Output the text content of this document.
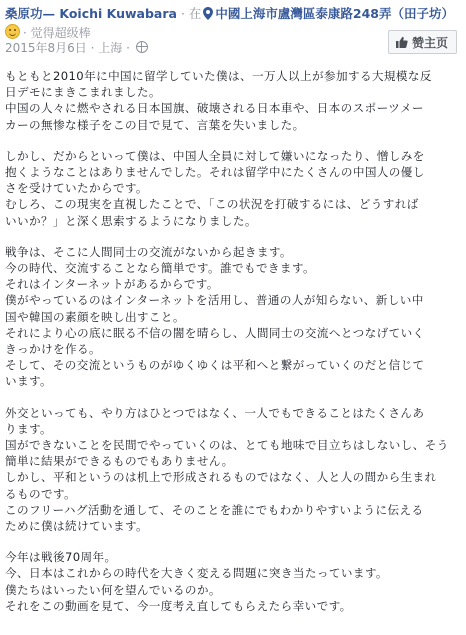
桑原功— Koichi Kuwabara · 在 中國上海市盧灣區泰康路248弄（田子坊）
· 觉得超级棒
2015年8月6日 · 上海 ·	赞主页

もともと2010年に中国に留学していた僕は、一万人以上が参加する大規模な反

日デモにまきこまれました。

中国の人々に燃やされる日本国旗、破壊される日本車や、日本のスポーツメー

カーの無惨な様子をこの目で見て、言葉を失いました。

しかし、だからといって僕は、中国人全員に対して嫌いになったり、憎しみを

抱くようなことはありませんでした。それは留学中にたくさんの中国人の優し

さを受けていたからです。

むしろ、この現実を直視したことで、「この状況を打破するには、どうすれば

いいか？」と深く思索するようになりました。

戦争は、そこに人間同士の交流がないから起きます。

今の時代、交流することなら簡単です。誰でもできます。

それはインターネットがあるからです。

僕がやっているのはインターネットを活用し、普通の人が知らない、新しい中

国や韓国の素顔を映し出すこと。

それにより心の底に眠る不信の闇を晴らし、人間同士の交流へとつなげていく

きっかけを作る。

そして、その交流というものがゆくゆくは平和へと繋がっていくのだと信じて

います。

外交といっても、やり方はひとつではなく、一人でもできることはたくさんあ

ります。

国ができないことを民間でやっていくのは、とても地味で目立ちはしないし、そう

簡単に結果ができるものでもありません。

しかし、平和というのは机上で形成されるものではなく、人と人の間から生まれ

るものです。

このフリーハグ活動を通して、そのことを誰にでもわかりやすいように伝える

ために僕は続けています。

今年は戦後70周年。

今、日本はこれからの時代を大きく変える問題に突き当たっています。

僕たちはいったい何を望んでいるのか。

それをこの動画を見て、今一度考え直してもらえたら幸いです。
